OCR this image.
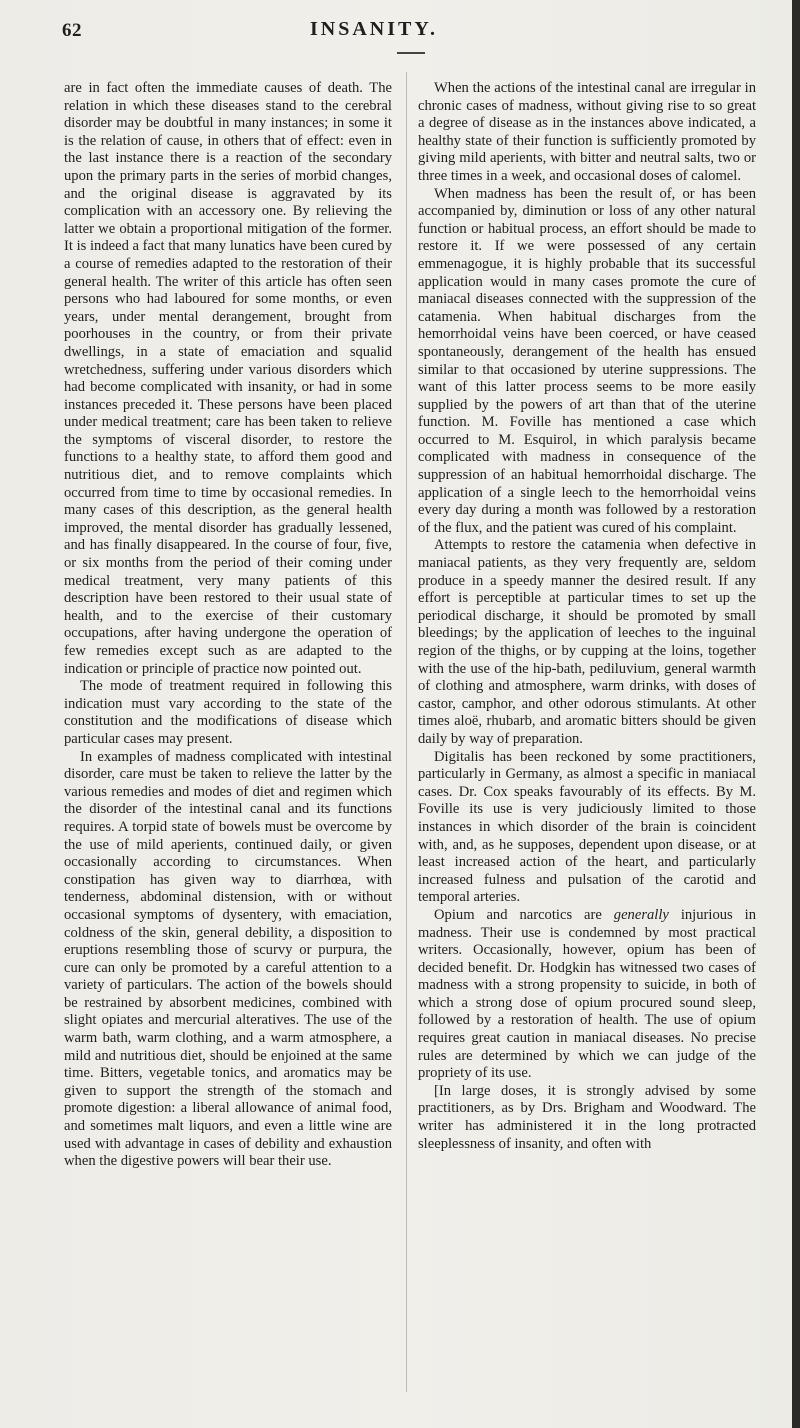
62	INSANITY.

are in fact often the immediate causes of death. The relation in which these diseases stand to the cerebral disorder may be doubtful in many instances; in some it is the relation of cause, in others that of effect: even in the last instance there is a reaction of the secondary upon the primary parts in the series of morbid changes, and the original disease is aggravated by its complication with an accessory one. By relieving the latter we obtain a proportional mitigation of the former. It is indeed a fact that many lunatics have been cured by a course of remedies adapted to the restoration of their general health. The writer of this article has often seen persons who had laboured for some months, or even years, under mental derangement, brought from poorhouses in the country, or from their private dwellings, in a state of emaciation and squalid wretchedness, suffering under various disorders which had become complicated with insanity, or had in some instances preceded it. These persons have been placed under medical treatment; care has been taken to relieve the symptoms of visceral disorder, to restore the functions to a healthy state, to afford them good and nutritious diet, and to remove complaints which occurred from time to time by occasional remedies. In many cases of this description, as the general health improved, the mental disorder has gradually lessened, and has finally disappeared. In the course of four, five, or six months from the period of their coming under medical treatment, very many patients of this description have been restored to their usual state of health, and to the exercise of their customary occupations, after having undergone the operation of few remedies except such as are adapted to the indication or principle of practice now pointed out.

The mode of treatment required in following this indication must vary according to the state of the constitution and the modifications of disease which particular cases may present.

In examples of madness complicated with intestinal disorder, care must be taken to relieve the latter by the various remedies and modes of diet and regimen which the disorder of the intestinal canal and its functions requires. A torpid state of bowels must be overcome by the use of mild aperients, continued daily, or given occasionally according to circumstances. When constipation has given way to diarrhœa, with tenderness, abdominal distension, with or without occasional symptoms of dysentery, with emaciation, coldness of the skin, general debility, a disposition to eruptions resembling those of scurvy or purpura, the cure can only be promoted by a careful attention to a variety of particulars. The action of the bowels should be restrained by absorbent medicines, combined with slight opiates and mercurial alteratives. The use of the warm bath, warm clothing, and a warm atmosphere, a mild and nutritious diet, should be enjoined at the same time. Bitters, vegetable tonics, and aromatics may be given to support the strength of the stomach and promote digestion: a liberal allowance of animal food, and sometimes malt liquors, and even a little wine are used with advantage in cases of debility and exhaustion when the digestive powers will bear their use.

When the actions of the intestinal canal are irregular in chronic cases of madness, without giving rise to so great a degree of disease as in the instances above indicated, a healthy state of their function is sufficiently promoted by giving mild aperients, with bitter and neutral salts, two or three times in a week, and occasional doses of calomel.

When madness has been the result of, or has been accompanied by, diminution or loss of any other natural function or habitual process, an effort should be made to restore it. If we were possessed of any certain emmenagogue, it is highly probable that its successful application would in many cases promote the cure of maniacal diseases connected with the suppression of the catamenia. When habitual discharges from the hemorrhoidal veins have been coerced, or have ceased spontaneously, derangement of the health has ensued similar to that occasioned by uterine suppressions. The want of this latter process seems to be more easily supplied by the powers of art than that of the uterine function. M. Foville has mentioned a case which occurred to M. Esquirol, in which paralysis became complicated with madness in consequence of the suppression of an habitual hemorrhoidal discharge. The application of a single leech to the hemorrhoidal veins every day during a month was followed by a restoration of the flux, and the patient was cured of his complaint.

Attempts to restore the catamenia when defective in maniacal patients, as they very frequently are, seldom produce in a speedy manner the desired result. If any effort is perceptible at particular times to set up the periodical discharge, it should be promoted by small bleedings; by the application of leeches to the inguinal region of the thighs, or by cupping at the loins, together with the use of the hip-bath, pediluvium, general warmth of clothing and atmosphere, warm drinks, with doses of castor, camphor, and other odorous stimulants. At other times aloë, rhubarb, and aromatic bitters should be given daily by way of preparation.

Digitalis has been reckoned by some practitioners, particularly in Germany, as almost a specific in maniacal cases. Dr. Cox speaks favourably of its effects. By M. Foville its use is very judiciously limited to those instances in which disorder of the brain is coincident with, and, as he supposes, dependent upon disease, or at least increased action of the heart, and particularly increased fulness and pulsation of the carotid and temporal arteries.

Opium and narcotics are generally injurious in madness. Their use is condemned by most practical writers. Occasionally, however, opium has been of decided benefit. Dr. Hodgkin has witnessed two cases of madness with a strong propensity to suicide, in both of which a strong dose of opium procured sound sleep, followed by a restoration of health. The use of opium requires great caution in maniacal diseases. No precise rules are determined by which we can judge of the propriety of its use.

[In large doses, it is strongly advised by some practitioners, as by Drs. Brigham and Woodward. The writer has administered it in the long protracted sleeplessness of insanity, and often with
